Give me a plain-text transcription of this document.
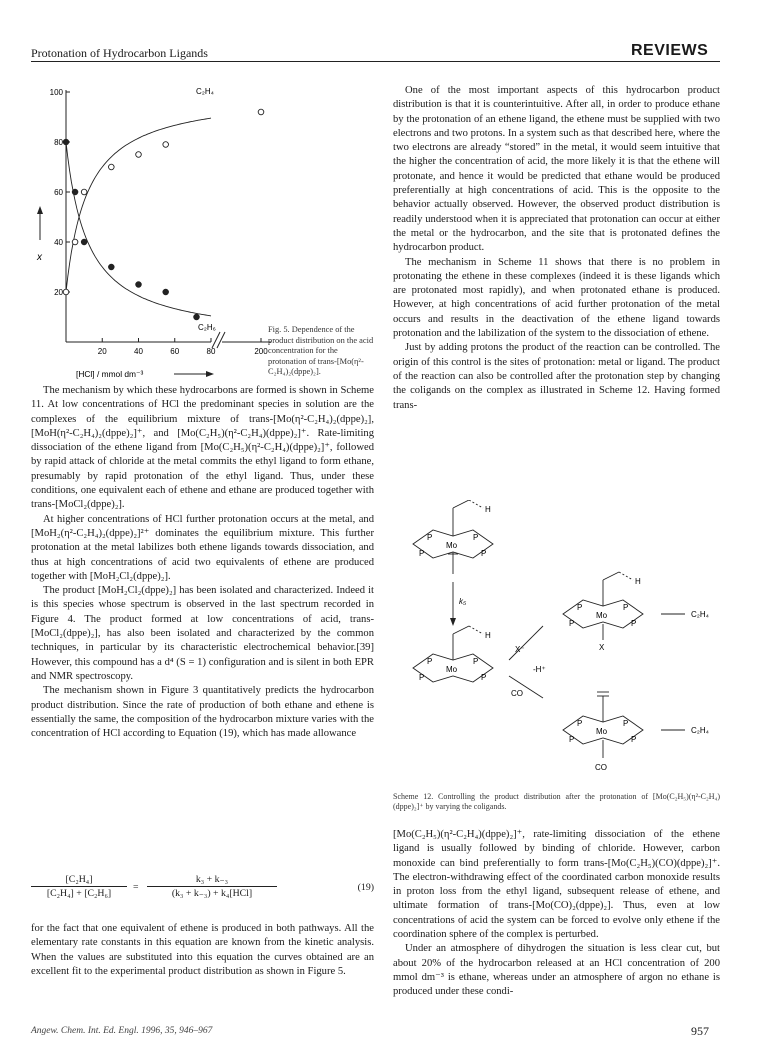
Protonation of Hydrocarbon Ligands	REVIEWS
100
80
60
40
20
20	40	60	80	200
x
[HCl] / mmol dm⁻³
C₂H₄
C₂H₆	Fig. 5. Dependence of the product distribution on the acid concentration for the protonation of trans-[Mo(η²-C₂H₄)₂(dppe)₂].

The mechanism by which these hydrocarbons are formed is shown in Scheme 11. At low concentrations of HCl the predominant species in solution are the complexes of the equilibrium mixture of trans-[Mo(η²-C₂H₄)₂(dppe)₂], [MoH(η²-C₂H₄)₂(dppe)₂]⁺, and [Mo(C₂H₅)(η²-C₂H₄)(dppe)₂]⁺. Rate-limiting dissociation of the ethene ligand from [Mo(C₂H₅)(η²-C₂H₄)(dppe)₂]⁺, followed by rapid attack of chloride at the metal commits the ethyl ligand to form ethane, presumably by rapid protonation of the ethyl ligand. Thus, under these conditions, one equivalent each of ethene and ethane are produced together with trans-[MoCl₂(dppe)₂].

At higher concentrations of HCl further protonation occurs at the metal, and [MoH₂(η²-C₂H₄)₂(dppe)₂]²⁺ dominates the equilibrium mixture. This further protonation at the metal labilizes both ethene ligands towards dissociation, and thus at high concentrations of acid two equivalents of ethene are produced together with [MoH₂Cl₂(dppe)₂].

The product [MoH₂Cl₂(dppe)₂] has been isolated and characterized. Indeed it is this species whose spectrum is observed in the last spectrum recorded in Figure 4. The product formed at low concentrations of acid, trans-[MoCl₂(dppe)₂], has also been isolated and characterized by the common techniques, in particular by its characteristic electrochemical behavior.[39] However, this compound has a d⁴ (S = 1) configuration and is silent in both EPR and NMR spectroscopy.

The mechanism shown in Figure 3 quantitatively predicts the hydrocarbon product distribution. Since the rate of production of both ethane and ethene is essentially the same, the composition of the hydrocarbon mixture varies with the concentration of HCl according to Equation (19), which has made allowance

$\frac{\text{[C₂H₄]}}{\text{[C₂H₄] + [C₂H₆]}}$ =
k₃ + k₋₃
(k₃ + k₋₃) + k₄[HCl]
(19)

for the fact that one equivalent of ethene is produced in both pathways. All the elementary rate constants in this equation are known from the kinetic analysis. When the values are substituted into this equation the curves obtained are an excellent fit to the experimental product distribution as shown in Figure 5.

One of the most important aspects of this hydrocarbon product distribution is that it is counterintuitive. After all, in order to produce ethane by the protonation of an ethene ligand, the ethene must be supplied with two electrons and two protons. In a system such as that described here, where the two electrons are already “stored” in the metal, it would seem intuitive that the higher the concentration of acid, the more likely it is that the ethene will protonate, and hence it would be predicted that ethane would be produced preferentially at high concentrations of acid. This is the opposite to the behavior actually observed. However, the observed product distribution is readily understood when it is appreciated that protonation can occur at either the metal or the hydrocarbon, and the site that is protonated defines the hydrocarbon product.

The mechanism in Scheme 11 shows that there is no problem in protonating the ethene in these complexes (indeed it is these ligands which are protonated most rapidly), and when protonated ethane is produced. However, at high concentrations of acid further protonation of the metal occurs and results in the deactivation of the ethene ligand towards protonation and the labilization of the system to the dissociation of ethene.

Just by adding protons the product of the reaction can be controlled. The origin of this control is the sites of protonation: metal or ligand. The product of the reaction can also be controlled after the protonation step by changing the coligands on the complex as illustrated in Scheme 12. Having formed trans-

H
P	P
P	P
Mo
k₅
H
P	P
P	P
Mo
X
C₂H₄
H
P	P
P	P
Mo
X⁻
-H⁺
CO
P	P
P	P
Mo
CO
C₂H₄
Scheme 12. Controlling the product distribution after the protonation of [Mo(C₂H₅)(η²-C₂H₄)(dppe)₂]⁺ by varying the coligands.

[Mo(C₂H₅)(η²-C₂H₄)(dppe)₂]⁺, rate-limiting dissociation of the ethene ligand is usually followed by binding of chloride. However, carbon monoxide can bind preferentially to form trans-[Mo(C₂H₅)(CO)(dppe)₂]⁺. The electron-withdrawing effect of the coordinated carbon monoxide results in proton loss from the ethyl ligand, subsequent release of ethene, and ultimate formation of trans-[Mo(CO)₂(dppe)₂]. Thus, even at low concentrations of acid the system can be forced to evolve only ethene if the coordination sphere of the complex is perturbed.

Under an atmosphere of dihydrogen the situation is less clear cut, but about 20% of the hydrocarbon released at an HCl concentration of 200 mmol dm⁻³ is ethane, whereas under an atmosphere of argon no ethane is produced under these condi-

Angew. Chem. Int. Ed. Engl. 1996, 35, 946–967	957
